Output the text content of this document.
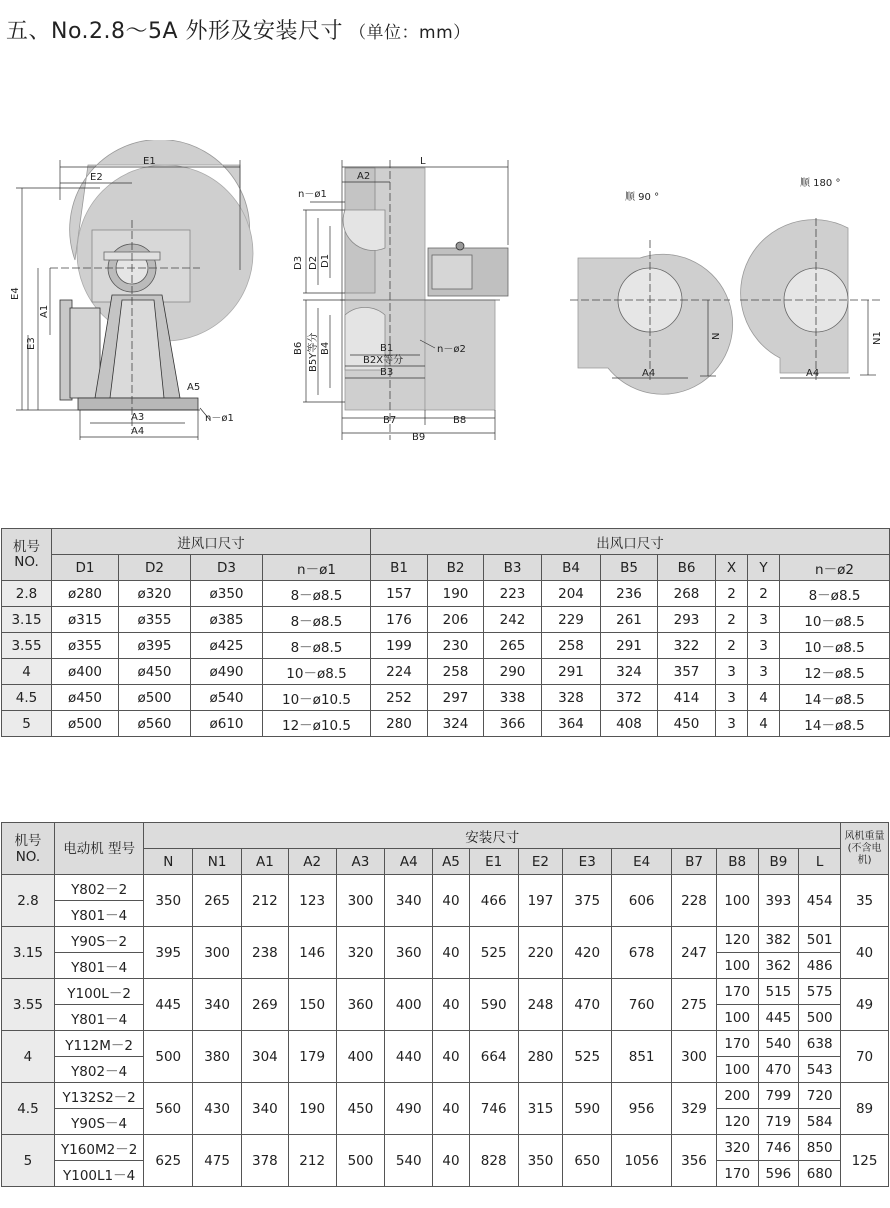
五、No.2.8～5A 外形及安装尺寸 （单位：mm）
E1
E2
E4
E3
A1
A3
A4
A5
n－ø1
L
A2
n－ø1
D3 D2 D1
B6 B5Y等分 B4	B1
B2X等分
B3
n－ø2
B7	B8
B9
顺 90 °
N
A4
顺 180 °
N1
A4
机号 NO.	进风口尺寸				出风口尺寸								
	D1	D2	D3	n－ø1	B1	B2	B3	B4	B5	B6	X	Y	n－ø2
2.8	ø280	ø320	ø350	8－ø8.5	157	190	223	204	236	268	2	2	8－ø8.5
3.15	ø315	ø355	ø385	8－ø8.5	176	206	242	229	261	293	2	3	10－ø8.5
3.55	ø355	ø395	ø425	8－ø8.5	199	230	265	258	291	322	2	3	10－ø8.5
4	ø400	ø450	ø490	10－ø8.5	224	258	290	291	324	357	3	3	12－ø8.5
4.5	ø450	ø500	ø540	10－ø10.5	252	297	338	328	372	414	3	4	14－ø8.5
5	ø500	ø560	ø610	12－ø10.5	280	324	366	364	408	450	3	4	14－ø8.5
机号 NO.	电动机 型号	安装尺寸															风机重量 (不含电机)
		N	N1	A1	A2	A3	A4	A5	E1	E2	E3	E4	B7	B8	B9	L	
2.8	Y802－2	350	265	212	123	300	340	40	466	197	375	606	228	100	393	454	35
	Y801－4																
3.15	Y90S－2	395	300	238	146	320	360	40	525	220	420	678	247	120	382	501	40
	Y801－4													100	362	486	
3.55	Y100L－2	445	340	269	150	360	400	40	590	248	470	760	275	170	515	575	49
	Y801－4													100	445	500	
4	Y112M－2	500	380	304	179	400	440	40	664	280	525	851	300	170	540	638	70
	Y802－4													100	470	543	
4.5	Y132S2－2	560	430	340	190	450	490	40	746	315	590	956	329	200	799	720	89
	Y90S－4													120	719	584	
5	Y160M2－2	625	475	378	212	500	540	40	828	350	650	1056	356	320	746	850	125
	Y100L1－4													170	596	680	
